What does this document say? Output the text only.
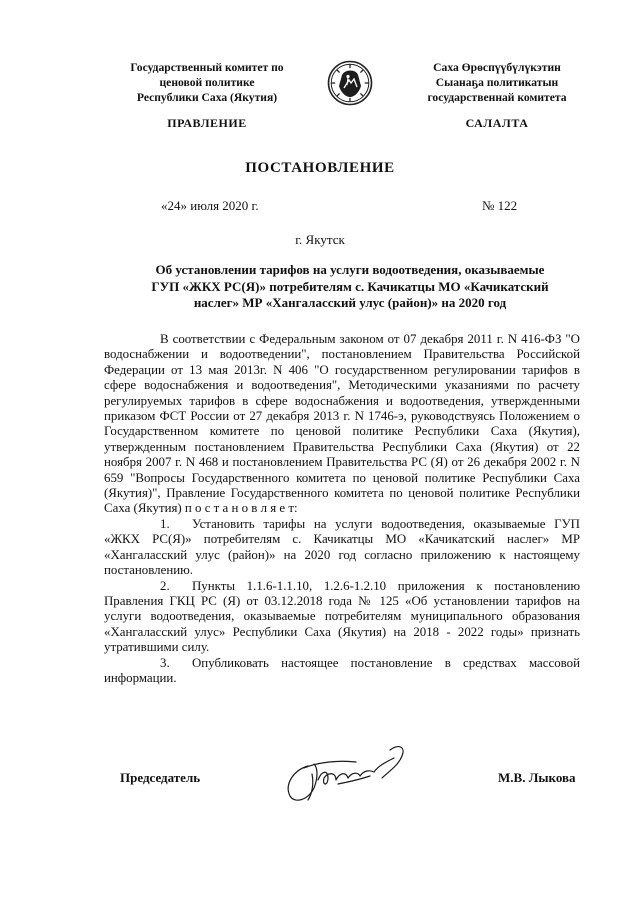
Государственный комитет по
ценовой политике
Республики Саха (Якутия)
Саха Өрөспүүбүлүкэтин
Сыанаҕа политикатын
государственнай комитета
ПРАВЛЕНИЕ	САЛАЛТА
ПОСТАНОВЛЕНИЕ
«24» июля 2020 г.	№ 122
г. Якутск
Об установлении тарифов на услуги водоотведения, оказываемые
ГУП «ЖКХ РС(Я)» потребителям с. Качикатцы МО «Качикатский
наслег» МР «Хангаласский улус (район)» на 2020 год

В соответствии с Федеральным законом от 07 декабря 2011 г. N 416-ФЗ "О водоснабжении и водоотведении", постановлением Правительства Российской Федерации от 13 мая 2013г. N 406 "О государственном регулировании тарифов в сфере водоснабжения и водоотведения", Методическими указаниями по расчету регулируемых тарифов в сфере водоснабжения и водоотведения, утвержденными приказом ФСТ России от 27 декабря 2013 г. N 1746-э, руководствуясь Положением о Государственном комитете по ценовой политике Республики Саха (Якутия), утвержденным постановлением Правительства Республики Саха (Якутия) от 22 ноября 2007 г. N 468 и постановлением Правительства РС (Я) от 26 декабря 2002 г. N 659 "Вопросы Государственного комитета по ценовой политике Республики Саха (Якутия)", Правление Государственного комитета по ценовой политике Республики Саха (Якутия) п о с т а н о в л я е т:

1. Установить тарифы на услуги водоотведения, оказываемые ГУП «ЖКХ РС(Я)» потребителям с. Качикатцы МО «Качикатский наслег» МР «Хангаласский улус (район)» на 2020 год согласно приложению к настоящему постановлению.

2. Пункты 1.1.6-1.1.10, 1.2.6-1.2.10 приложения к постановлению Правления ГКЦ РС (Я) от 03.12.2018 года № 125 «Об установлении тарифов на услуги водоотведения, оказываемые потребителям муниципального образования «Хангаласский улус» Республики Саха (Якутия) на 2018 - 2022 годы» признать утратившими силу.

3. Опубликовать настоящее постановление в средствах массовой информации.

Председатель	М.В. Лыкова
